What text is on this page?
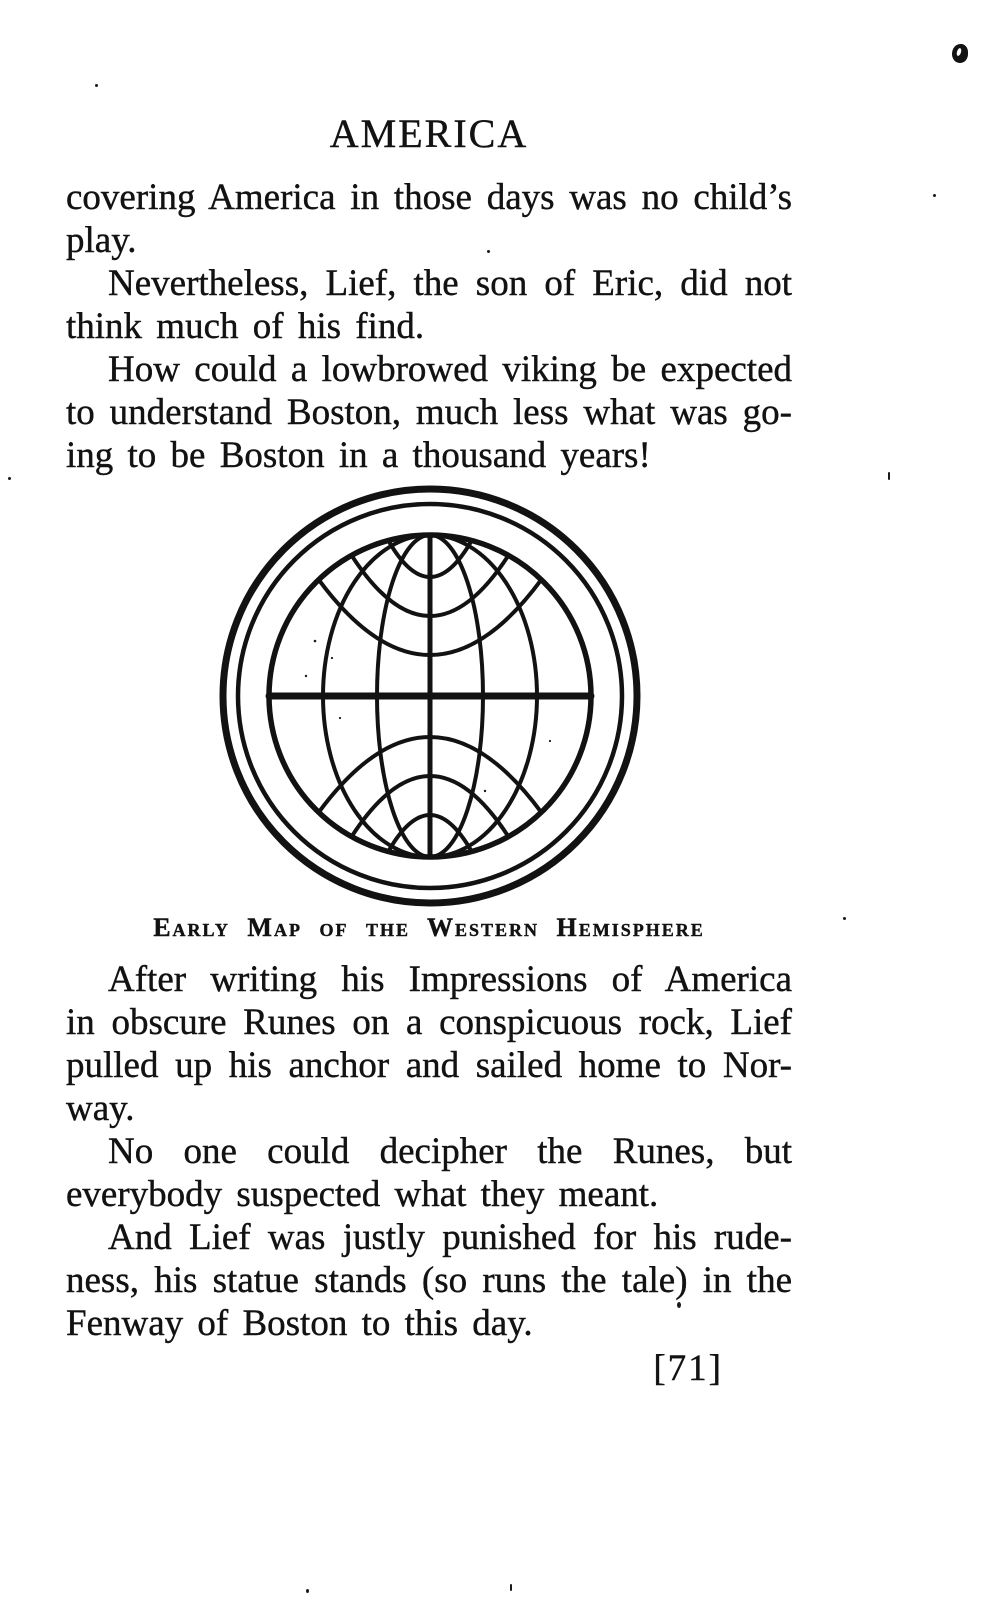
AMERICA
covering America in those days was no child’s
play.
Nevertheless, Lief, the son of Eric, did not
think much of his find.
How could a lowbrowed viking be expected
to understand Boston, much less what was go-
ing to be Boston in a thousand years!
Early Map of the Western Hemisphere
After writing his Impressions of America
in obscure Runes on a conspicuous rock, Lief
pulled up his anchor and sailed home to Nor-
way.
No one could decipher the Runes, but
everybody suspected what they meant.
And Lief was justly punished for his rude-
ness, his statue stands (so runs the tale) in the
Fenway of Boston to this day.
[71]
